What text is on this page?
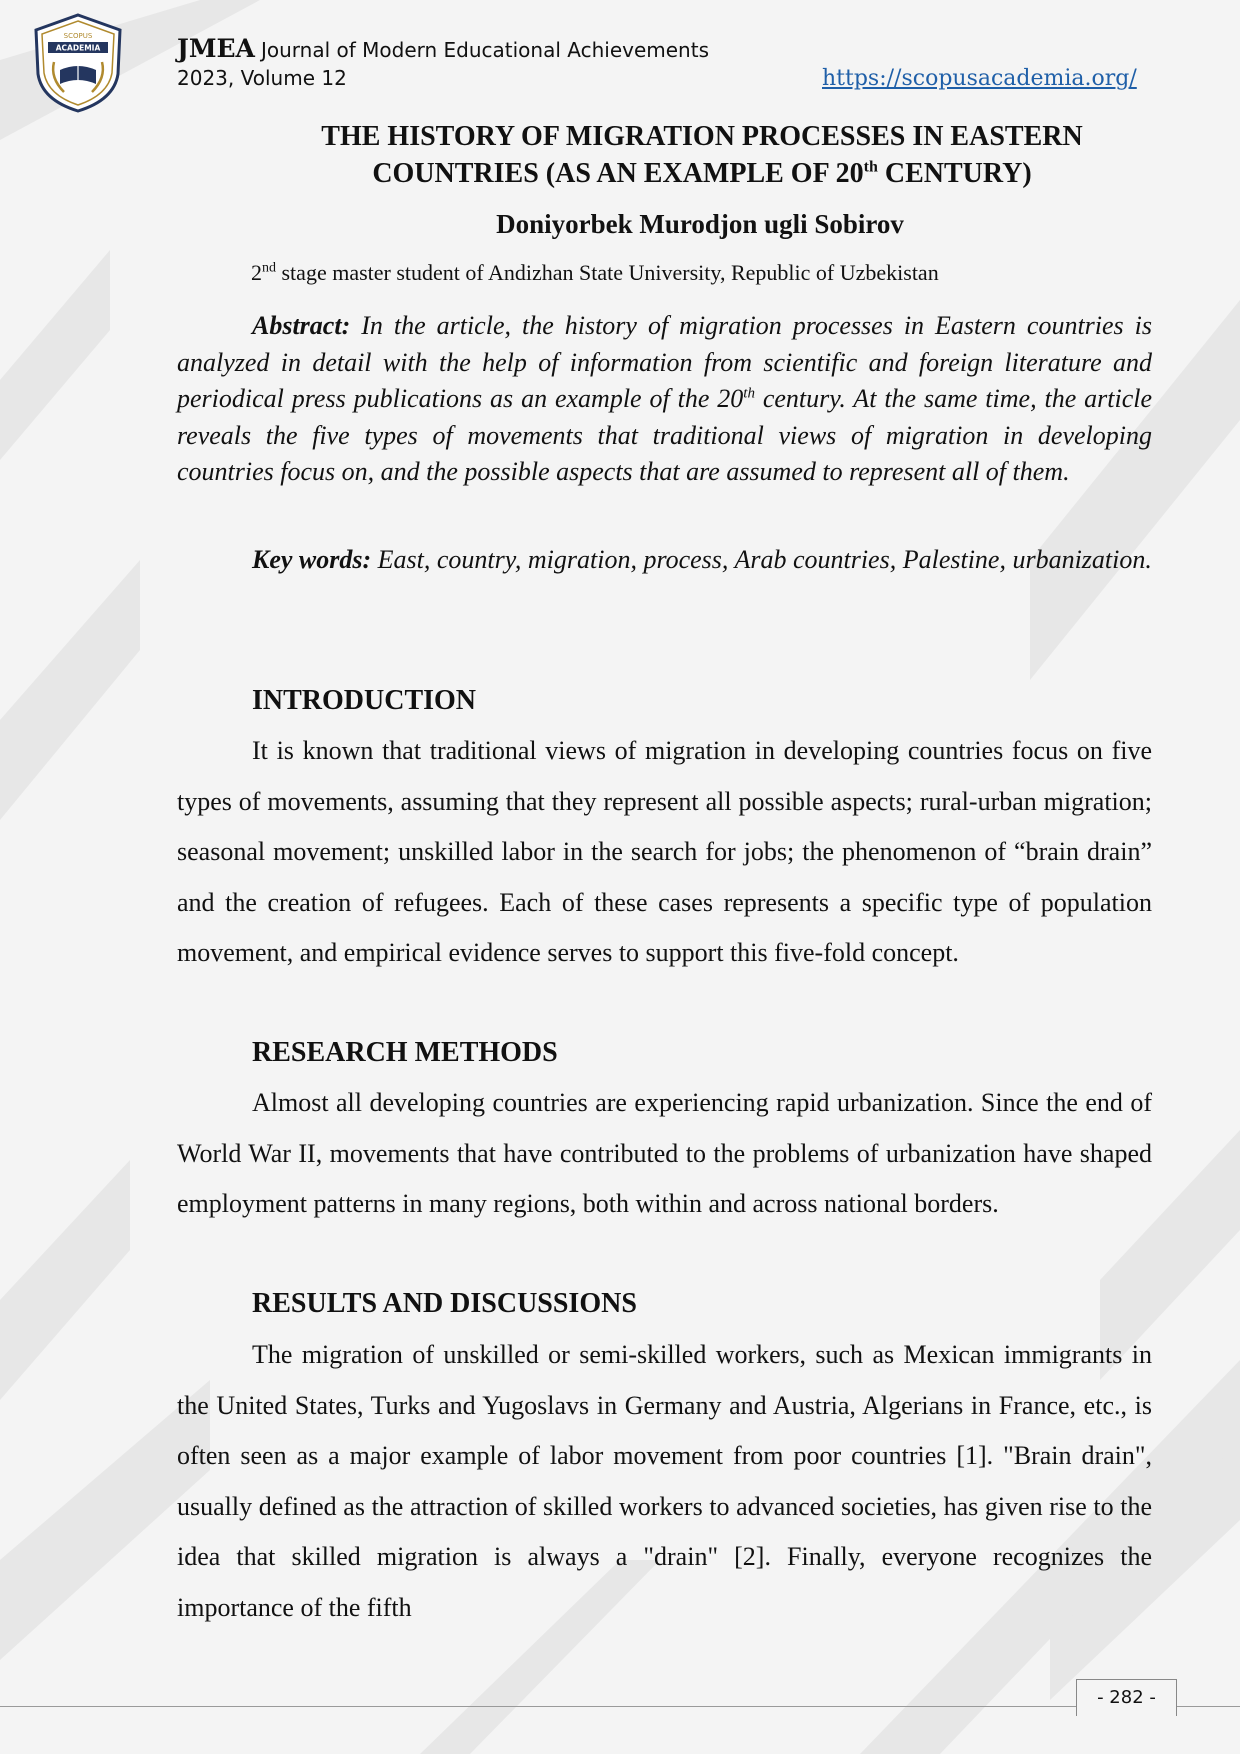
SCOPUS
ACADEMIA	JMEA Journal of Modern Educational Achievements
2023, Volume 12	https://scopusacademia.org/
THE HISTORY OF MIGRATION PROCESSES IN EASTERN
COUNTRIES (AS AN EXAMPLE OF 20th CENTURY)
Doniyorbek Murodjon ugli Sobirov
2nd stage master student of Andizhan State University, Republic of Uzbekistan

Abstract: In the article, the history of migration processes in Eastern countries is analyzed in detail with the help of information from scientific and foreign literature and periodical press publications as an example of the 20th century. At the same time, the article reveals the five types of movements that traditional views of migration in developing countries focus on, and the possible aspects that are assumed to represent all of them.

Key words: East, country, migration, process, Arab countries, Palestine, urbanization.

INTRODUCTION

It is known that traditional views of migration in developing countries focus on five types of movements, assuming that they represent all possible aspects; rural-urban migration; seasonal movement; unskilled labor in the search for jobs; the phenomenon of “brain drain” and the creation of refugees. Each of these cases represents a specific type of population movement, and empirical evidence serves to support this five-fold concept.

RESEARCH METHODS

Almost all developing countries are experiencing rapid urbanization. Since the end of World War II, movements that have contributed to the problems of urbanization have shaped employment patterns in many regions, both within and across national borders.

RESULTS AND DISCUSSIONS

The migration of unskilled or semi-skilled workers, such as Mexican immigrants in the United States, Turks and Yugoslavs in Germany and Austria, Algerians in France, etc., is often seen as a major example of labor movement from poor countries [1]. "Brain drain", usually defined as the attraction of skilled workers to advanced societies, has given rise to the idea that skilled migration is always a "drain" [2]. Finally, everyone recognizes the importance of the fifth

- 282 -
